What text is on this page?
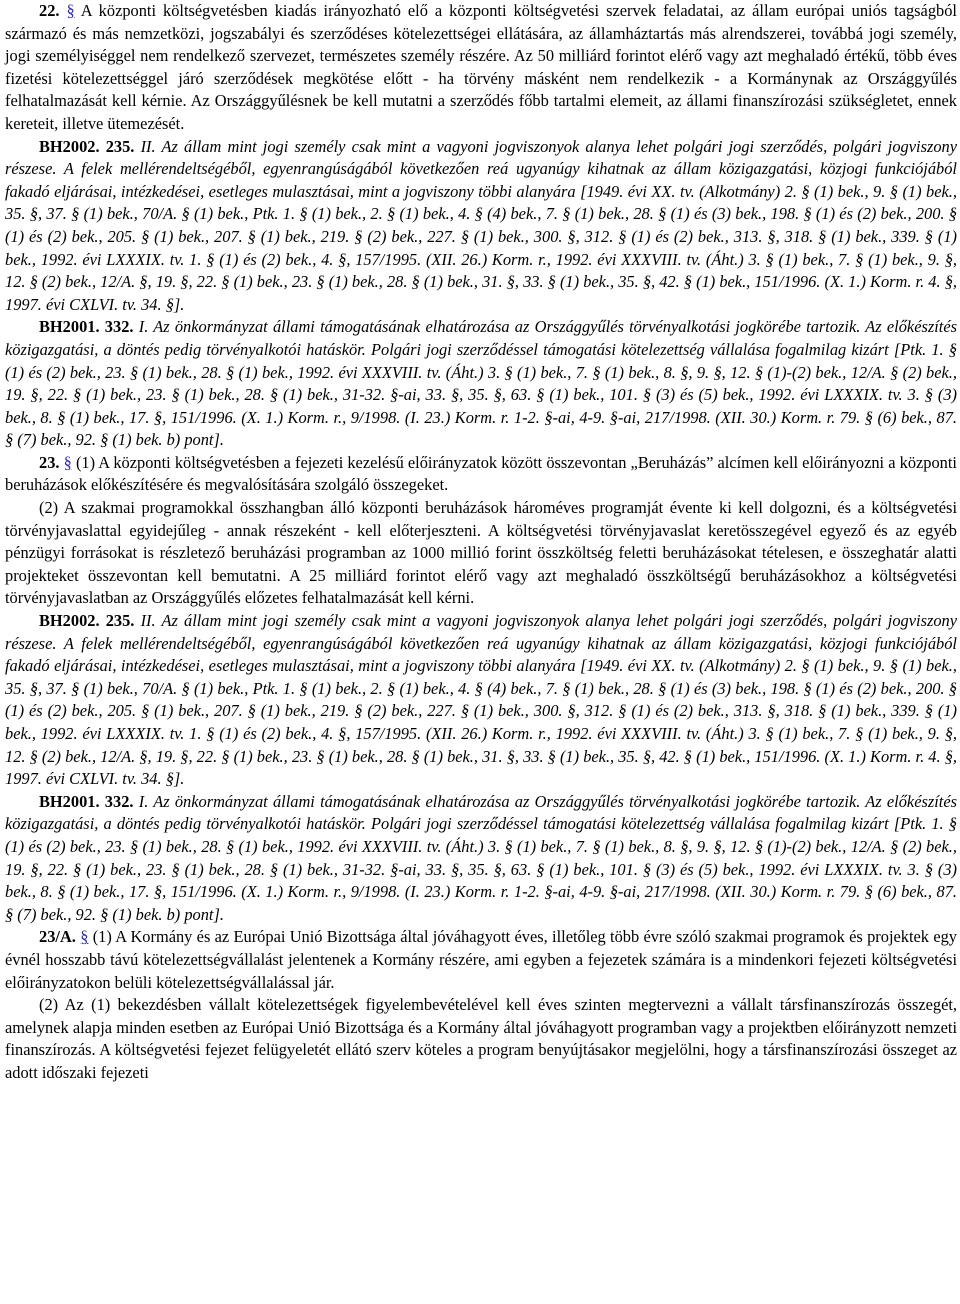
22. § A központi költségvetésben kiadás irányozható elő a központi költségvetési szervek feladatai, az állam európai uniós tagságból származó és más nemzetközi, jogszabályi és szerződéses kötelezettségei ellátására, az államháztartás más alrendszerei, továbbá jogi személy, jogi személyiséggel nem rendelkező szervezet, természetes személy részére. Az 50 milliárd forintot elérő vagy azt meghaladó értékű, több éves fizetési kötelezettséggel járó szerződések megkötése előtt - ha törvény másként nem rendelkezik - a Kormánynak az Országgyűlés felhatalmazását kell kérnie. Az Országgyűlésnek be kell mutatni a szerződés főbb tartalmi elemeit, az állami finanszírozási szükségletet, ennek kereteit, illetve ütemezését.

BH2002. 235. II. Az állam mint jogi személy csak mint a vagyoni jogviszonyok alanya lehet polgári jogi szerződés, polgári jogviszony részese. A felek mellérendeltségéből, egyenrangúságából következően reá ugyanúgy kihatnak az állam közigazgatási, közjogi funkciójából fakadó eljárásai, intézkedései, esetleges mulasztásai, mint a jogviszony többi alanyára [1949. évi XX. tv. (Alkotmány) 2. § (1) bek., 9. § (1) bek., 35. §, 37. § (1) bek., 70/A. § (1) bek., Ptk. 1. § (1) bek., 2. § (1) bek., 4. § (4) bek., 7. § (1) bek., 28. § (1) és (3) bek., 198. § (1) és (2) bek., 200. § (1) és (2) bek., 205. § (1) bek., 207. § (1) bek., 219. § (2) bek., 227. § (1) bek., 300. §, 312. § (1) és (2) bek., 313. §, 318. § (1) bek., 339. § (1) bek., 1992. évi LXXXIX. tv. 1. § (1) és (2) bek., 4. §, 157/1995. (XII. 26.) Korm. r., 1992. évi XXXVIII. tv. (Áht.) 3. § (1) bek., 7. § (1) bek., 9. §, 12. § (2) bek., 12/A. §, 19. §, 22. § (1) bek., 23. § (1) bek., 28. § (1) bek., 31. §, 33. § (1) bek., 35. §, 42. § (1) bek., 151/1996. (X. 1.) Korm. r. 4. §, 1997. évi CXLVI. tv. 34. §].

BH2001. 332. I. Az önkormányzat állami támogatásának elhatározása az Országgyűlés törvényalkotási jogkörébe tartozik. Az előkészítés közigazgatási, a döntés pedig törvényalkotói hatáskör. Polgári jogi szerződéssel támogatási kötelezettség vállalása fogalmilag kizárt [Ptk. 1. § (1) és (2) bek., 23. § (1) bek., 28. § (1) bek., 1992. évi XXXVIII. tv. (Áht.) 3. § (1) bek., 7. § (1) bek., 8. §, 9. §, 12. § (1)-(2) bek., 12/A. § (2) bek., 19. §, 22. § (1) bek., 23. § (1) bek., 28. § (1) bek., 31-32. §-ai, 33. §, 35. §, 63. § (1) bek., 101. § (3) és (5) bek., 1992. évi LXXXIX. tv. 3. § (3) bek., 8. § (1) bek., 17. §, 151/1996. (X. 1.) Korm. r., 9/1998. (I. 23.) Korm. r. 1-2. §-ai, 4-9. §-ai, 217/1998. (XII. 30.) Korm. r. 79. § (6) bek., 87. § (7) bek., 92. § (1) bek. b) pont].

23. § (1) A központi költségvetésben a fejezeti kezelésű előirányzatok között összevontan „Beruházás” alcímen kell előirányozni a központi beruházások előkészítésére és megvalósítására szolgáló összegeket.

(2) A szakmai programokkal összhangban álló központi beruházások hároméves programját évente ki kell dolgozni, és a költségvetési törvényjavaslattal egyidejűleg - annak részeként - kell előterjeszteni. A költségvetési törvényjavaslat keretösszegével egyező és az egyéb pénzügyi forrásokat is részletező beruházási programban az 1000 millió forint összköltség feletti beruházásokat tételesen, e összeghatár alatti projekteket összevontan kell bemutatni. A 25 milliárd forintot elérő vagy azt meghaladó összköltségű beruházásokhoz a költségvetési törvényjavaslatban az Országgyűlés előzetes felhatalmazását kell kérni.

BH2002. 235. II. Az állam mint jogi személy csak mint a vagyoni jogviszonyok alanya lehet polgári jogi szerződés, polgári jogviszony részese. A felek mellérendeltségéből, egyenrangúságából következően reá ugyanúgy kihatnak az állam közigazgatási, közjogi funkciójából fakadó eljárásai, intézkedései, esetleges mulasztásai, mint a jogviszony többi alanyára [1949. évi XX. tv. (Alkotmány) 2. § (1) bek., 9. § (1) bek., 35. §, 37. § (1) bek., 70/A. § (1) bek., Ptk. 1. § (1) bek., 2. § (1) bek., 4. § (4) bek., 7. § (1) bek., 28. § (1) és (3) bek., 198. § (1) és (2) bek., 200. § (1) és (2) bek., 205. § (1) bek., 207. § (1) bek., 219. § (2) bek., 227. § (1) bek., 300. §, 312. § (1) és (2) bek., 313. §, 318. § (1) bek., 339. § (1) bek., 1992. évi LXXXIX. tv. 1. § (1) és (2) bek., 4. §, 157/1995. (XII. 26.) Korm. r., 1992. évi XXXVIII. tv. (Áht.) 3. § (1) bek., 7. § (1) bek., 9. §, 12. § (2) bek., 12/A. §, 19. §, 22. § (1) bek., 23. § (1) bek., 28. § (1) bek., 31. §, 33. § (1) bek., 35. §, 42. § (1) bek., 151/1996. (X. 1.) Korm. r. 4. §, 1997. évi CXLVI. tv. 34. §].

BH2001. 332. I. Az önkormányzat állami támogatásának elhatározása az Országgyűlés törvényalkotási jogkörébe tartozik. Az előkészítés közigazgatási, a döntés pedig törvényalkotói hatáskör. Polgári jogi szerződéssel támogatási kötelezettség vállalása fogalmilag kizárt [Ptk. 1. § (1) és (2) bek., 23. § (1) bek., 28. § (1) bek., 1992. évi XXXVIII. tv. (Áht.) 3. § (1) bek., 7. § (1) bek., 8. §, 9. §, 12. § (1)-(2) bek., 12/A. § (2) bek., 19. §, 22. § (1) bek., 23. § (1) bek., 28. § (1) bek., 31-32. §-ai, 33. §, 35. §, 63. § (1) bek., 101. § (3) és (5) bek., 1992. évi LXXXIX. tv. 3. § (3) bek., 8. § (1) bek., 17. §, 151/1996. (X. 1.) Korm. r., 9/1998. (I. 23.) Korm. r. 1-2. §-ai, 4-9. §-ai, 217/1998. (XII. 30.) Korm. r. 79. § (6) bek., 87. § (7) bek., 92. § (1) bek. b) pont].

23/A. § (1) A Kormány és az Európai Unió Bizottsága által jóváhagyott éves, illetőleg több évre szóló szakmai programok és projektek egy évnél hosszabb távú kötelezettségvállalást jelentenek a Kormány részére, ami egyben a fejezetek számára is a mindenkori fejezeti költségvetési előirányzatokon belüli kötelezettségvállalással jár.

(2) Az (1) bekezdésben vállalt kötelezettségek figyelembevételével kell éves szinten megtervezni a vállalt társfinanszírozás összegét, amelynek alapja minden esetben az Európai Unió Bizottsága és a Kormány által jóváhagyott programban vagy a projektben előirányzott nemzeti finanszírozás. A költségvetési fejezet felügyeletét ellátó szerv köteles a program benyújtásakor megjelölni, hogy a társfinanszírozási összeget az adott időszaki fejezeti
